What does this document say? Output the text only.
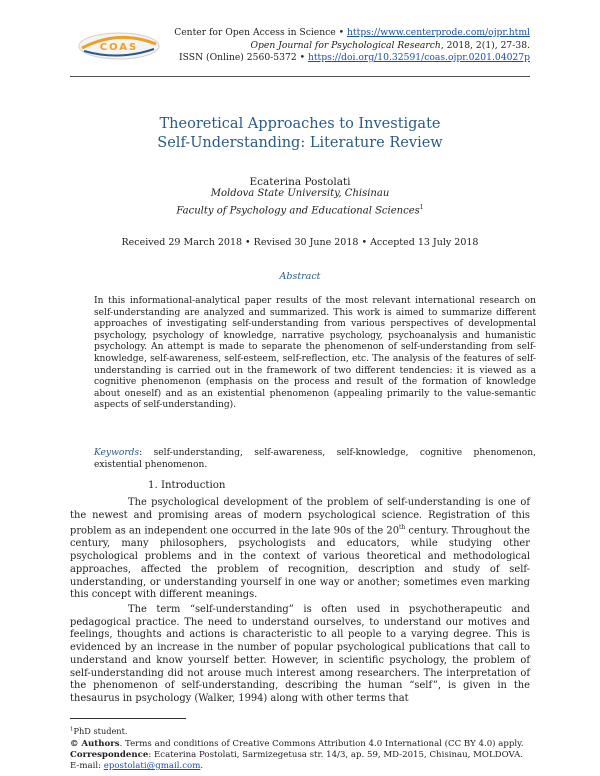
COAS
Center for Open Access in Science • https://www.centerprode.com/ojpr.html
Open Journal for Psychological Research, 2018, 2(1), 27-38.
ISSN (Online) 2560-5372 • https://doi.org/10.32591/coas.ojpr.0201.04027p
Theoretical Approaches to Investigate
Self-Understanding: Literature Review
Ecaterina Postolati
Moldova State University, Chisinau
Faculty of Psychology and Educational Sciences$^1$
Received 29 March 2018 • Revised 30 June 2018 • Accepted 13 July 2018
Abstract
In this informational-analytical paper results of the most relevant international research on self-understanding are analyzed and summarized. This work is aimed to summarize different approaches of investigating self-understanding from various perspectives of developmental psychology, psychology of knowledge, narrative psychology, psychoanalysis and humanistic psychology. An attempt is made to separate the phenomenon of self-understanding from self-knowledge, self-awareness, self-esteem, self-reflection, etc. The analysis of the features of self-understanding is carried out in the framework of two different tendencies: it is viewed as a cognitive phenomenon (emphasis on the process and result of the formation of knowledge about oneself) and as an existential phenomenon (appealing primarily to the value-semantic aspects of self-understanding).
Keywords: self-understanding, self-awareness, self-knowledge, cognitive phenomenon, existential phenomenon.
1. Introduction
The psychological development of the problem of self-understanding is one of the newest and promising areas of modern psychological science. Registration of this problem as an independent one occurred in the late 90s of the 20th century. Throughout the century, many philosophers, psychologists and educators, while studying other psychological problems and in the context of various theoretical and methodological approaches, affected the problem of recognition, description and study of self-understanding, or understanding yourself in one way or another; sometimes even marking this concept with different meanings.
The term “self-understanding” is often used in psychotherapeutic and pedagogical practice. The need to understand ourselves, to understand our motives and feelings, thoughts and actions is characteristic to all people to a varying degree. This is evidenced by an increase in the number of popular psychological publications that call to understand and know yourself better. However, in scientific psychology, the problem of self-understanding did not arouse much interest among researchers. The interpretation of the phenomenon of self-understanding, describing the human “self”, is given in the thesaurus in psychology (Walker, 1994) along with other terms that
$^1$PhD student.
© Authors. Terms and conditions of Creative Commons Attribution 4.0 International (CC BY 4.0) apply.
Correspondence: Ecaterina Postolati, Sarmizegetusa str. 14/3, ap. 59, MD-2015, Chisinau, MOLDOVA.
E-mail: epostolati@gmail.com.
